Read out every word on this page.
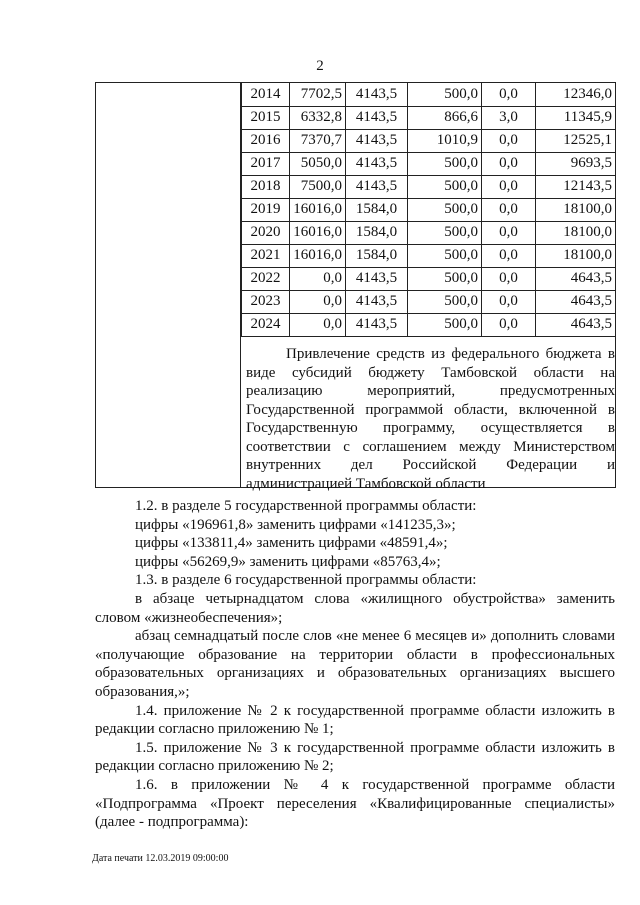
2
2014	7702,5	4143,5	500,0	0,0	12346,0
2015	6332,8	4143,5	866,6	3,0	11345,9
2016	7370,7	4143,5	1010,9	0,0	12525,1
2017	5050,0	4143,5	500,0	0,0	9693,5
2018	7500,0	4143,5	500,0	0,0	12143,5
2019	16016,0	1584,0	500,0	0,0	18100,0
2020	16016,0	1584,0	500,0	0,0	18100,0
2021	16016,0	1584,0	500,0	0,0	18100,0
2022	0,0	4143,5	500,0	0,0	4643,5
2023	0,0	4143,5	500,0	0,0	4643,5
2024	0,0	4143,5	500,0	0,0	4643,5

Привлечение средств из федерального бюджета в виде субсидий бюджету Тамбовской области на реализацию мероприятий, предусмотренных Государственной программой области, включенной в Государственную программу, осуществляется в соответствии с соглашением между Министерством внутренних дел Российской Федерации и администрацией Тамбовской области

1.2. в разделе 5 государственной программы области:

цифры «196961,8» заменить цифрами «141235,3»;

цифры «133811,4» заменить цифрами «48591,4»;

цифры «56269,9» заменить цифрами «85763,4»;

1.3. в разделе 6 государственной программы области:

в абзаце четырнадцатом слова «жилищного обустройства» заменить словом «жизнеобеспечения»;

абзац семнадцатый после слов «не менее 6 месяцев и» дополнить словами «получающие образование на территории области в профессиональных образовательных организациях и образовательных организациях высшего образования,»;

1.4. приложение № 2 к государственной программе области изложить в редакции согласно приложению № 1;

1.5. приложение № 3 к государственной программе области изложить в редакции согласно приложению № 2;

1.6. в приложении № 4 к государственной программе области «Подпрограмма «Проект переселения «Квалифицированные специалисты» (далее - подпрограмма):

Дата печати 12.03.2019 09:00:00
